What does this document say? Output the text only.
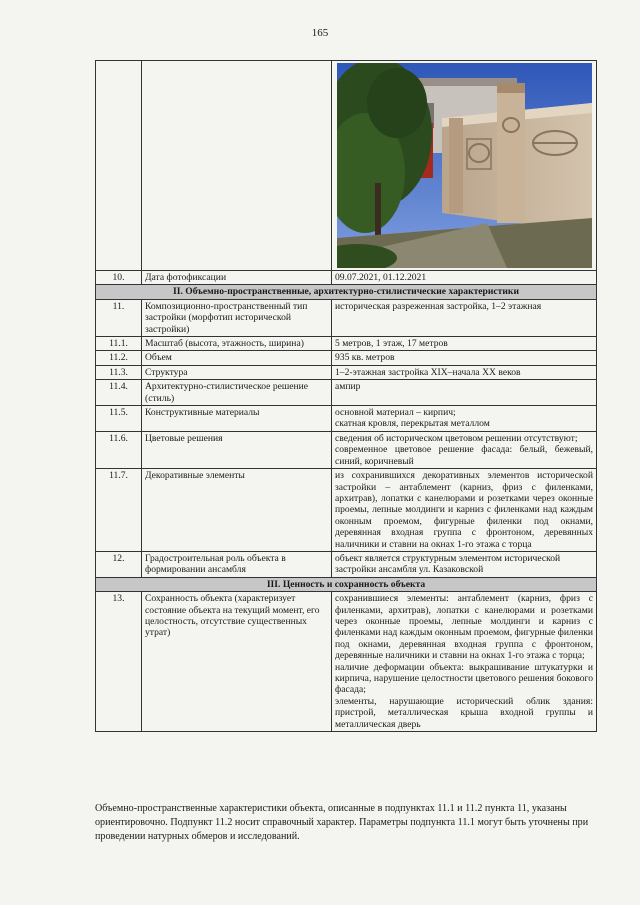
165

10.	Дата фотофиксации	09.07.2021, 01.12.2021
II. Объемно-пространственные, архитектурно-стилистические характеристики		
11.	Композиционно-пространственный тип застройки (морфотип исторической застройки)	историческая разреженная застройка, 1–2 этажная
11.1.	Масштаб (высота, этажность, ширина)	5 метров, 1 этаж, 17 метров
11.2.	Объем	935 кв. метров
11.3.	Структура	1–2-этажная застройка XIX–начала XX веков
11.4.	Архитектурно-стилистическое решение (стиль)	ампир
11.5.	Конструктивные материалы	основной материал – кирпич;
скатная кровля, перекрытая металлом

11.6.	Цветовые решения	сведения об историческом цветовом решении отсутствуют;
современное цветовое решение фасада: белый, бежевый, синий, коричневый

11.7.	Декоративные элементы	из сохранившихся декоративных элементов исторической застройки – антаблемент (карниз, фриз с филенками, архитрав), лопатки с канелюрами и розетками через оконные проемы, лепные молдинги и карниз с филенками над каждым оконным проемом, фигурные филенки под окнами, деревянная входная группа с фронтоном, деревянных наличники и ставни на окнах 1-го этажа с торца
12.	Градостроительная роль объекта в формировании ансамбля	объект является структурным элементом исторической застройки ансамбля ул. Казаковской
III. Ценность и сохранность объекта		
13.	Сохранность объекта (характеризует состояние объекта на текущий момент, его целостность, отсутствие существенных утрат)	сохранившиеся элементы: антаблемент (карниз, фриз с филенками, архитрав), лопатки с канелюрами и розетками через оконные проемы, лепные молдинги и карниз с филенками над каждым оконным проемом, фигурные филенки под окнами, деревянная входная группа с фронтоном, деревянные наличники и ставни на окнах 1-го этажа с торца;
наличие деформации объекта: выкрашивание штукатурки и кирпича, нарушение целостности цветового решения бокового фасада;
элементы, нарушающие исторический облик здания: пристрой, металлическая крыша входной группы и металлическая дверь
Объемно-пространственные характеристики объекта, описанные в подпунктах 11.1 и 11.2 пункта 11, указаны ориентировочно. Подпункт 11.2 носит справочный характер. Параметры подпункта 11.1 могут быть уточнены при проведении натурных обмеров и исследований.
